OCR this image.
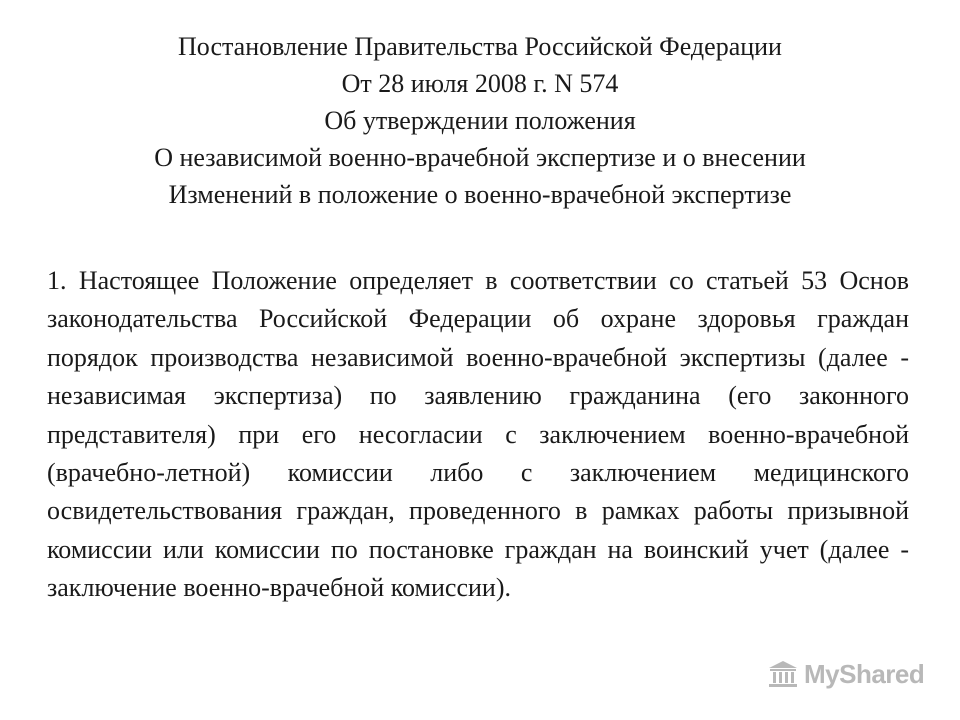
Постановление Правительства Российской Федерации
От 28 июля 2008 г. N 574
Об утверждении положения
О независимой военно-врачебной экспертизе и о внесении
Изменений в положение о военно-врачебной экспертизе

1. Настоящее Положение определяет в соответствии со статьей 53 Основ законодательства Российской Федерации об охране здоровья граждан порядок производства независимой военно-врачебной экспертизы (далее - независимая экспертиза) по заявлению гражданина (его законного представителя) при его несогласии с заключением военно-врачебной (врачебно-летной) комиссии либо с заключением медицинского освидетельствования граждан, проведенного в рамках работы призывной комиссии или комиссии по постановке граждан на воинский учет (далее - заключение военно-врачебной комиссии).

MyShared
